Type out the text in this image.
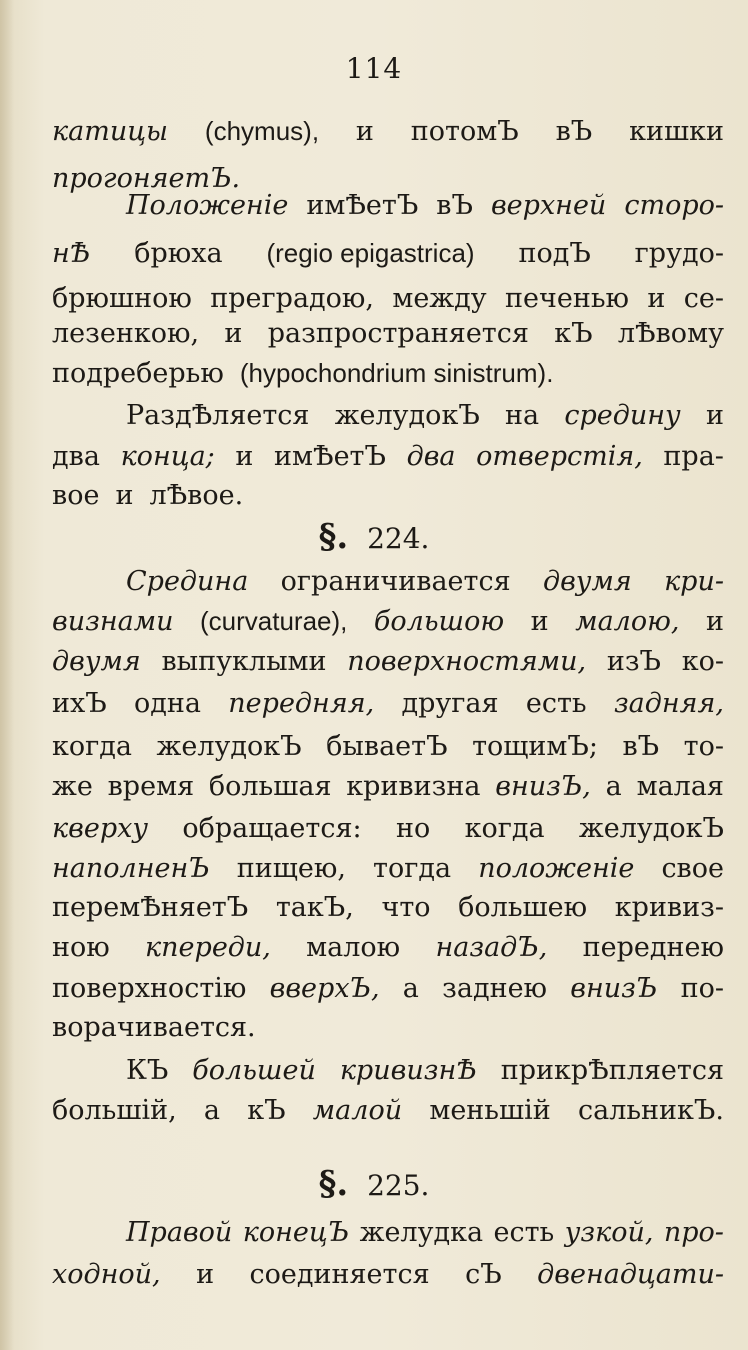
114
катицы (chymus), и потомЪ вЪ кишки
прогоняетЪ.
Положеніе имѢетЪ вЪ верхней сторо-
нѢ брюха (regio epigastrica) подЪ грудо-
брюшною преградою, между печенью и се-
лезенкою, и разпространяется кЪ лѢвому
подреберью (hypochondrium sinistrum).
РаздѢляется желудокЪ на средину и
два конца; и имѢетЪ два отверстія, пра-
вое и лѢвое.
§. 224.
Средина ограничивается двумя кри-
визнами (curvaturae), большою и малою, и
двумя выпуклыми поверхностями, изЪ ко-
ихЪ одна передняя, другая есть задняя,
когда желудокЪ бываетЪ тощимЪ; вЪ то-
же время большая кривизна внизЪ, а малая
кверху обращается: но когда желудокЪ
наполненЪ пищею, тогда положеніе свое
перемѢняетЪ такЪ, что большею кривиз-
ною кпереди, малою назадЪ, переднею
поверхностію вверхЪ, а заднею внизЪ по-
ворачивается.
КЪ большей кривизнѢ прикрѢпляется
большій, а кЪ малой меньшій сальникЪ.
§. 225.
Правой конецЪ желудка есть узкой, про-
ходной, и соединяется сЪ двенадцати-
